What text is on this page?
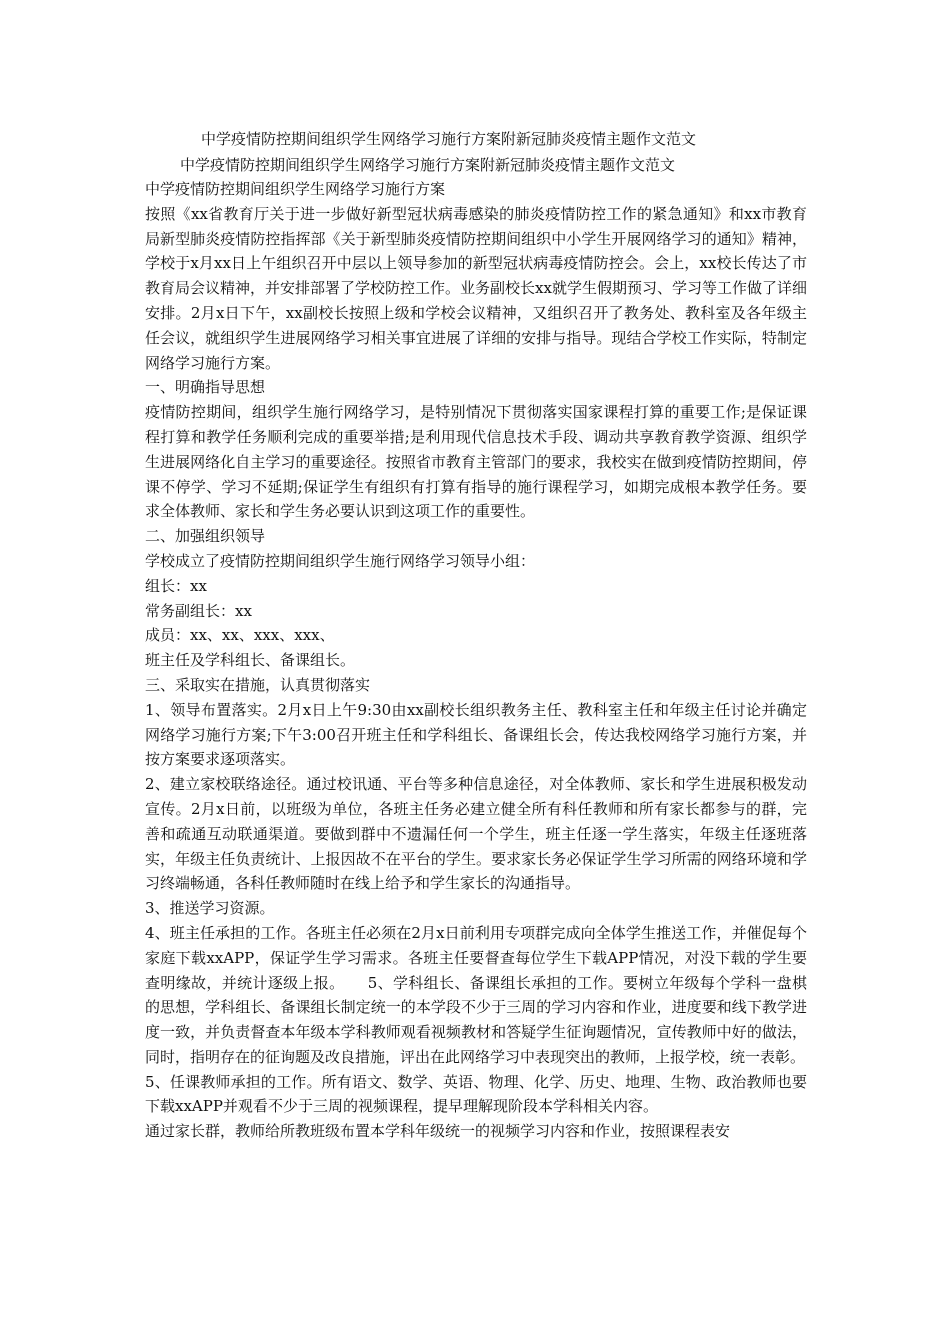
中学疫情防控期间组织学生网络学习施行方案附新冠肺炎疫情主题作文范文
中学疫情防控期间组织学生网络学习施行方案附新冠肺炎疫情主题作文范文

中学疫情防控期间组织学生网络学习施行方案

按照《xx省教育厅关于进一步做好新型冠状病毒感染的肺炎疫情防控工作的紧急通知》和xx市教育局新型肺炎疫情防控指挥部《关于新型肺炎疫情防控期间组织中小学生开展网络学习的通知》精神，学校于x月xx日上午组织召开中层以上领导参加的新型冠状病毒疫情防控会。会上，xx校长传达了市教育局会议精神，并安排部署了学校防控工作。业务副校长xx就学生假期预习、学习等工作做了详细安排。2月x日下午，xx副校长按照上级和学校会议精神，又组织召开了教务处、教科室及各年级主任会议，就组织学生进展网络学习相关事宜进展了详细的安排与指导。现结合学校工作实际，特制定网络学习施行方案。

一、明确指导思想

疫情防控期间，组织学生施行网络学习，是特别情况下贯彻落实国家课程打算的重要工作;是保证课程打算和教学任务顺利完成的重要举措;是利用现代信息技术手段、调动共享教育教学资源、组织学生进展网络化自主学习的重要途径。按照省市教育主管部门的要求，我校实在做到疫情防控期间，停课不停学、学习不延期;保证学生有组织有打算有指导的施行课程学习，如期完成根本教学任务。要求全体教师、家长和学生务必要认识到这项工作的重要性。

二、加强组织领导

学校成立了疫情防控期间组织学生施行网络学习领导小组：

组长：xx

常务副组长：xx

成员：xx、xx、xxx、xxx、

班主任及学科组长、备课组长。

三、采取实在措施，认真贯彻落实

1、领导布置落实。2月x日上午9:30由xx副校长组织教务主任、教科室主任和年级主任讨论并确定网络学习施行方案;下午3:00召开班主任和学科组长、备课组长会，传达我校网络学习施行方案，并按方案要求逐项落实。

2、建立家校联络途径。通过校讯通、平台等多种信息途径，对全体教师、家长和学生进展积极发动宣传。2月x日前，以班级为单位，各班主任务必建立健全所有科任教师和所有家长都参与的群，完善和疏通互动联通渠道。要做到群中不遗漏任何一个学生，班主任逐一学生落实，年级主任逐班落实，年级主任负责统计、上报因故不在平台的学生。要求家长务必保证学生学习所需的网络环境和学习终端畅通，各科任教师随时在线上给予和学生家长的沟通指导。

3、推送学习资源。

4、班主任承担的工作。各班主任必须在2月x日前利用专项群完成向全体学生推送工作，并催促每个家庭下载xxAPP，保证学生学习需求。各班主任要督查每位学生下载APP情况，对没下载的学生要查明缘故，并统计逐级上报。　　5、学科组长、备课组长承担的工作。要树立年级每个学科一盘棋的思想，学科组长、备课组长制定统一的本学段不少于三周的学习内容和作业，进度要和线下教学进度一致，并负责督查本年级本学科教师观看视频教材和答疑学生征询题情况，宣传教师中好的做法，同时，指明存在的征询题及改良措施，评出在此网络学习中表现突出的教师，上报学校，统一表彰。

5、任课教师承担的工作。所有语文、数学、英语、物理、化学、历史、地理、生物、政治教师也要下载xxAPP并观看不少于三周的视频课程，提早理解现阶段本学科相关内容。

通过家长群，教师给所教班级布置本学科年级统一的视频学习内容和作业，按照课程表安
